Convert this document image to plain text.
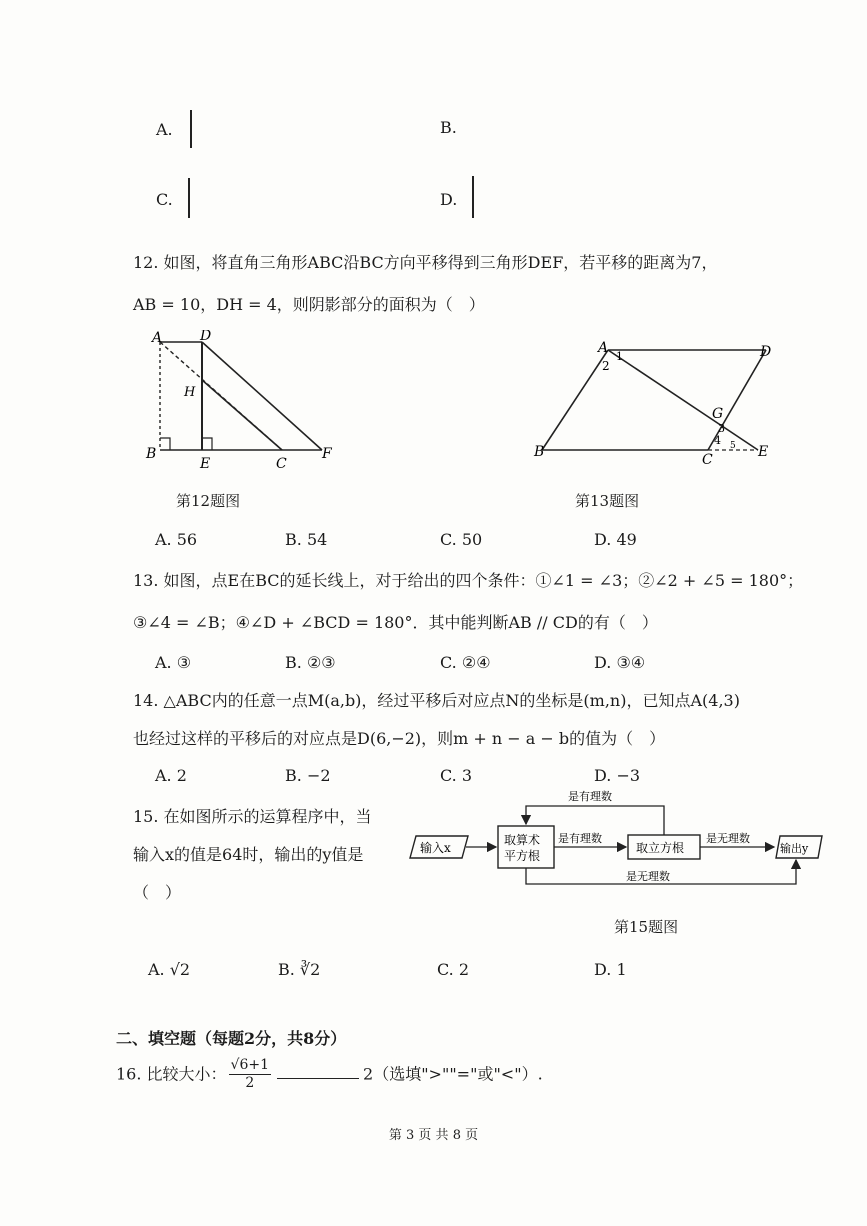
A.	B.
C.	D.
12. 如图，将直角三角形ABC沿BC方向平移得到三角形DEF，若平移的距离为7，
AB = 10，DH = 4，则阴影部分的面积为（　）
A	D
H
B
E	C
F
第12题图
A	D
B	C	E
G
1
2
3
4 5
第13题图
A. 56	B. 54	C. 50	D. 49
13. 如图，点E在BC的延长线上，对于给出的四个条件：①∠1 = ∠3；②∠2 + ∠5 = 180°；
③∠4 = ∠B；④∠D + ∠BCD = 180°．其中能判断AB // CD的有（　）
A. ③	B. ②③	C. ②④	D. ③④
14. △ABC内的任意一点M(a,b)，经过平移后对应点N的坐标是(m,n)，已知点A(4,3)
也经过这样的平移后的对应点是D(6,−2)，则m + n − a − b的值为（　）
A. 2	B. −2	C. 3	D. −3
15. 在如图所示的运算程序中，当
输入x的值是64时，输出的y值是
（　）
输入x
取算术
平方根
是有理数
取立方根
是无理数
输出y
是有理数
是无理数
第15题图
A. √2	B. ∛2	C. 2	D. 1
二、填空题（每题2分，共8分）
16. 比较大小： $\frac{√6+1}{2}$	2（选填">""="或"<"）.
第 3 页 共 8 页
